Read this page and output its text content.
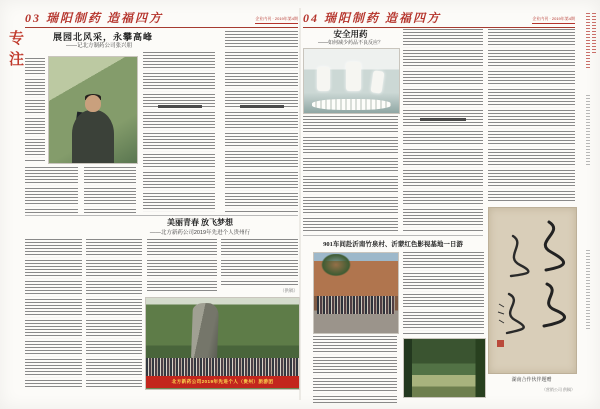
专注
03 瑞阳制药 造福四方	企业内刊 · 2019年第4期
展园北风采，永攀高峰
——记北方制药公司张兴朋
美丽青春 放飞梦想
——北方新药公司2019年先进个人贵州行
（供稿）
北方新药公司2019年先进个人（贵州）旅游团
04 瑞阳制药 造福四方	企业内刊 · 2019年第4期
安全用药
——如何减少药品不良反应？
901车间赴沂南竹泉村、沂蒙红色影视基地一日游
湖南合作伙伴题赠
（营销公司 供稿）
